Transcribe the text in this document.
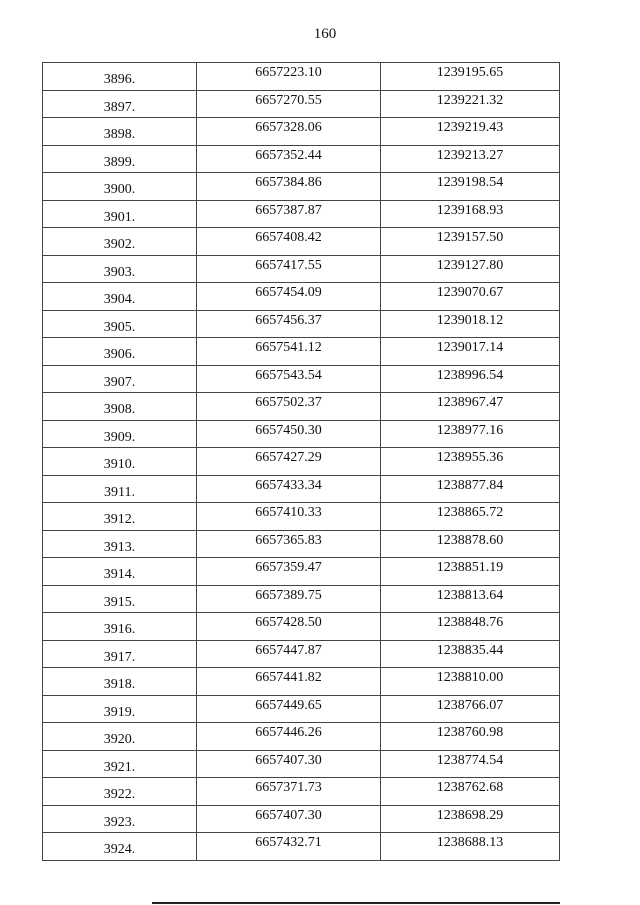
160
3896.	6657223.10	1239195.65
3897.	6657270.55	1239221.32
3898.	6657328.06	1239219.43
3899.	6657352.44	1239213.27
3900.	6657384.86	1239198.54
3901.	6657387.87	1239168.93
3902.	6657408.42	1239157.50
3903.	6657417.55	1239127.80
3904.	6657454.09	1239070.67
3905.	6657456.37	1239018.12
3906.	6657541.12	1239017.14
3907.	6657543.54	1238996.54
3908.	6657502.37	1238967.47
3909.	6657450.30	1238977.16
3910.	6657427.29	1238955.36
3911.	6657433.34	1238877.84
3912.	6657410.33	1238865.72
3913.	6657365.83	1238878.60
3914.	6657359.47	1238851.19
3915.	6657389.75	1238813.64
3916.	6657428.50	1238848.76
3917.	6657447.87	1238835.44
3918.	6657441.82	1238810.00
3919.	6657449.65	1238766.07
3920.	6657446.26	1238760.98
3921.	6657407.30	1238774.54
3922.	6657371.73	1238762.68
3923.	6657407.30	1238698.29
3924.	6657432.71	1238688.13
